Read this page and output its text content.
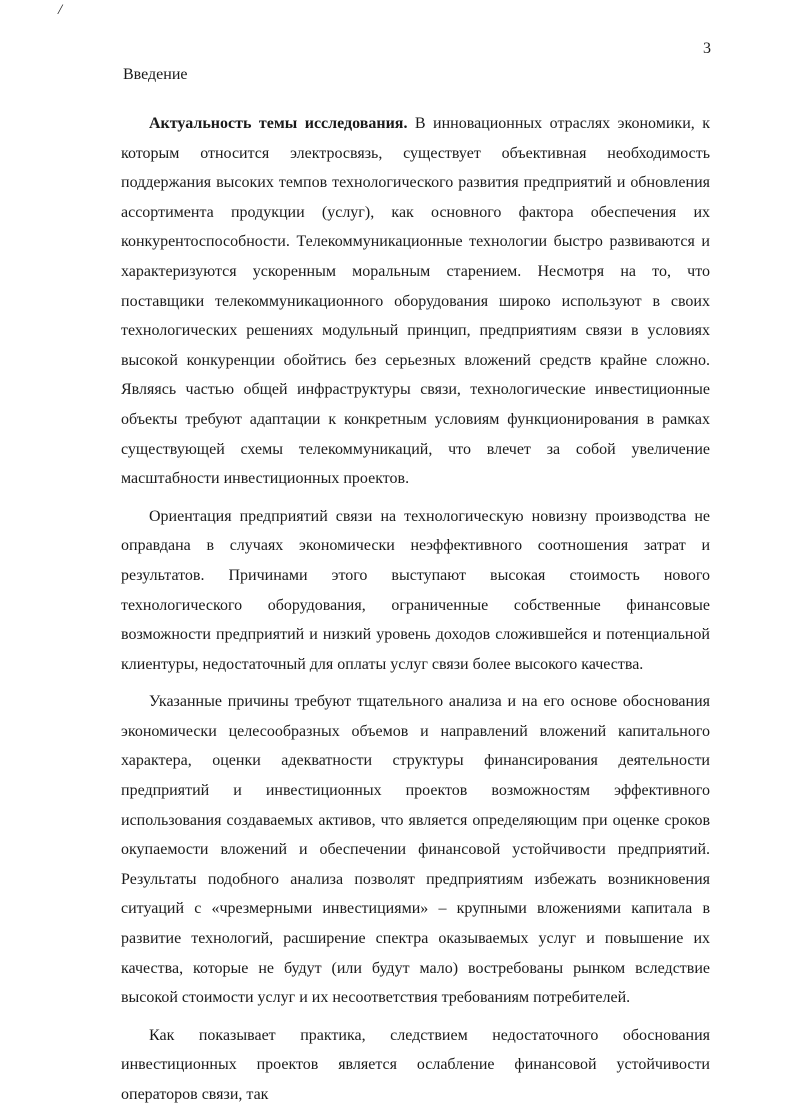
/
3
Введение

Актуальность темы исследования. В инновационных отраслях экономики, к которым относится электросвязь, существует объективная необходимость поддержания высоких темпов технологического развития предприятий и обновления ассортимента продукции (услуг), как основного фактора обеспечения их конкурентоспособности. Телекоммуникационные технологии быстро развиваются и характеризуются ускоренным моральным старением. Несмотря на то, что поставщики телекоммуникационного оборудования широко используют в своих технологических решениях модульный принцип, предприятиям связи в условиях высокой конкуренции обойтись без серьезных вложений средств крайне сложно. Являясь частью общей инфраструктуры связи, технологические инвестиционные объекты требуют адаптации к конкретным условиям функционирования в рамках существующей схемы телекоммуникаций, что влечет за собой увеличение масштабности инвестиционных проектов.

Ориентация предприятий связи на технологическую новизну производства не оправдана в случаях экономически неэффективного соотношения затрат и результатов. Причинами этого выступают высокая стоимость нового технологического оборудования, ограниченные собственные финансовые возможности предприятий и низкий уровень доходов сложившейся и потенциальной клиентуры, недостаточный для оплаты услуг связи более высокого качества.

Указанные причины требуют тщательного анализа и на его основе обоснования экономически целесообразных объемов и направлений вложений капитального характера, оценки адекватности структуры финансирования деятельности предприятий и инвестиционных проектов возможностям эффективного использования создаваемых активов, что является определяющим при оценке сроков окупаемости вложений и обеспечении финансовой устойчивости предприятий. Результаты подобного анализа позволят предприятиям избежать возникновения ситуаций с «чрезмерными инвестициями» – крупными вложениями капитала в развитие технологий, расширение спектра оказываемых услуг и повышение их качества, которые не будут (или будут мало) востребованы рынком вследствие высокой стоимости услуг и их несоответствия требованиям потребителей.

Как показывает практика, следствием недостаточного обоснования инвестиционных проектов является ослабление финансовой устойчивости операторов связи, так
